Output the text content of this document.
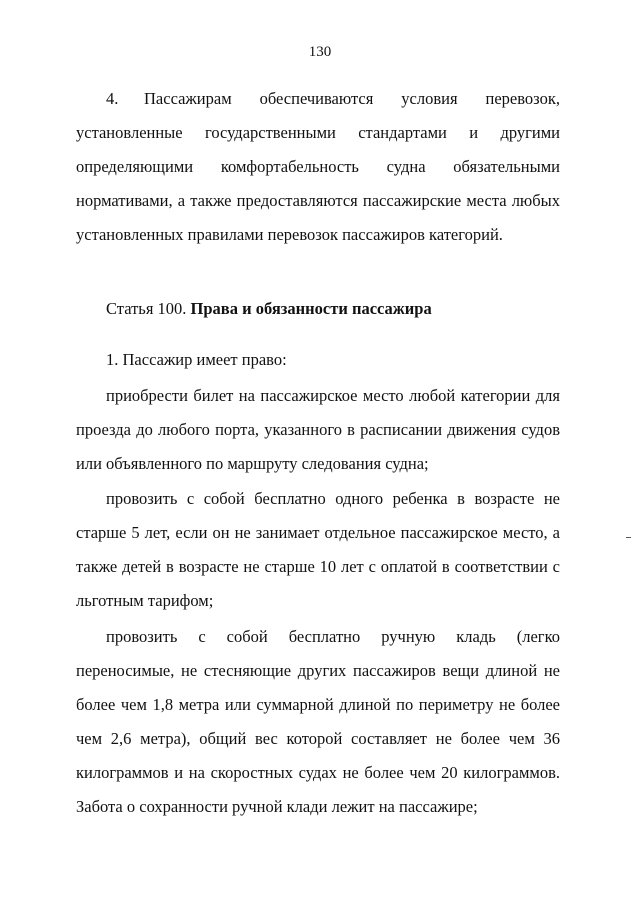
130
4. Пассажирам обеспечиваются условия перевозок, установленные государственными стандартами и другими определяющими комфортабельность судна обязательными нормативами, а также предоставляются пассажирские места любых установленных правилами перевозок пассажиров категорий.
Статья 100. Права и обязанности пассажира
1. Пассажир имеет право:
приобрести билет на пассажирское место любой категории для проезда до любого порта, указанного в расписании движения судов или объявленного по маршруту следования судна;
провозить с собой бесплатно одного ребенка в возрасте не старше 5 лет, если он не занимает отдельное пассажирское место, а также детей в возрасте не старше 10 лет с оплатой в соответствии с льготным тарифом;
провозить с собой бесплатно ручную кладь (легко переносимые, не стесняющие других пассажиров вещи длиной не более чем 1,8 метра или суммарной длиной по периметру не более чем 2,6 метра), общий вес которой составляет не более чем 36 килограммов и на скоростных судах не более чем 20 килограммов. Забота о сохранности ручной клади лежит на пассажире;
